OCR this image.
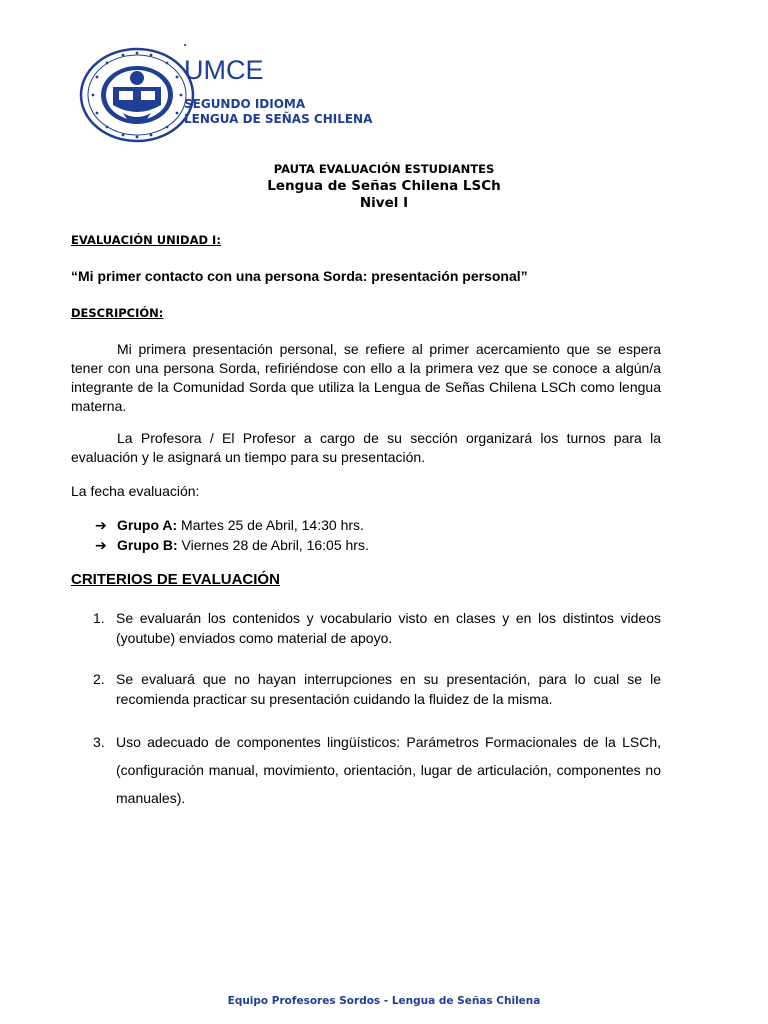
UMCE
SEGUNDO IDIOMA
LENGUA DE SEÑAS CHILENA
PAUTA EVALUACIÓN ESTUDIANTES
Lengua de Señas Chilena LSCh
Nivel I
EVALUACIÓN UNIDAD I:
“Mi primer contacto con una persona Sorda: presentación personal”
DESCRIPCIÓN:

Mi primera presentación personal, se refiere al primer acercamiento que se espera tener con una persona Sorda, refiriéndose con ello a la primera vez que se conoce a algún/a integrante de la Comunidad Sorda que utiliza la Lengua de Señas Chilena LSCh como lengua materna.

La Profesora / El Profesor a cargo de su sección organizará los turnos para la evaluación y le asignará un tiempo para su presentación.

La fecha evaluación:
➔ Grupo A: Martes 25 de Abril, 14:30 hrs.
➔ Grupo B: Viernes 28 de Abril, 16:05 hrs.
CRITERIOS DE EVALUACIÓN
1. Se evaluarán los contenidos y vocabulario visto en clases y en los distintos videos (youtube) enviados como material de apoyo.
2. Se evaluará que no hayan interrupciones en su presentación, para lo cual se le recomienda practicar su presentación cuidando la fluidez de la misma.
3. Uso adecuado de componentes lingüísticos: Parámetros Formacionales de la LSCh, (configuración manual, movimiento, orientación, lugar de articulación, componentes no manuales).
Equipo Profesores Sordos - Lengua de Señas Chilena
